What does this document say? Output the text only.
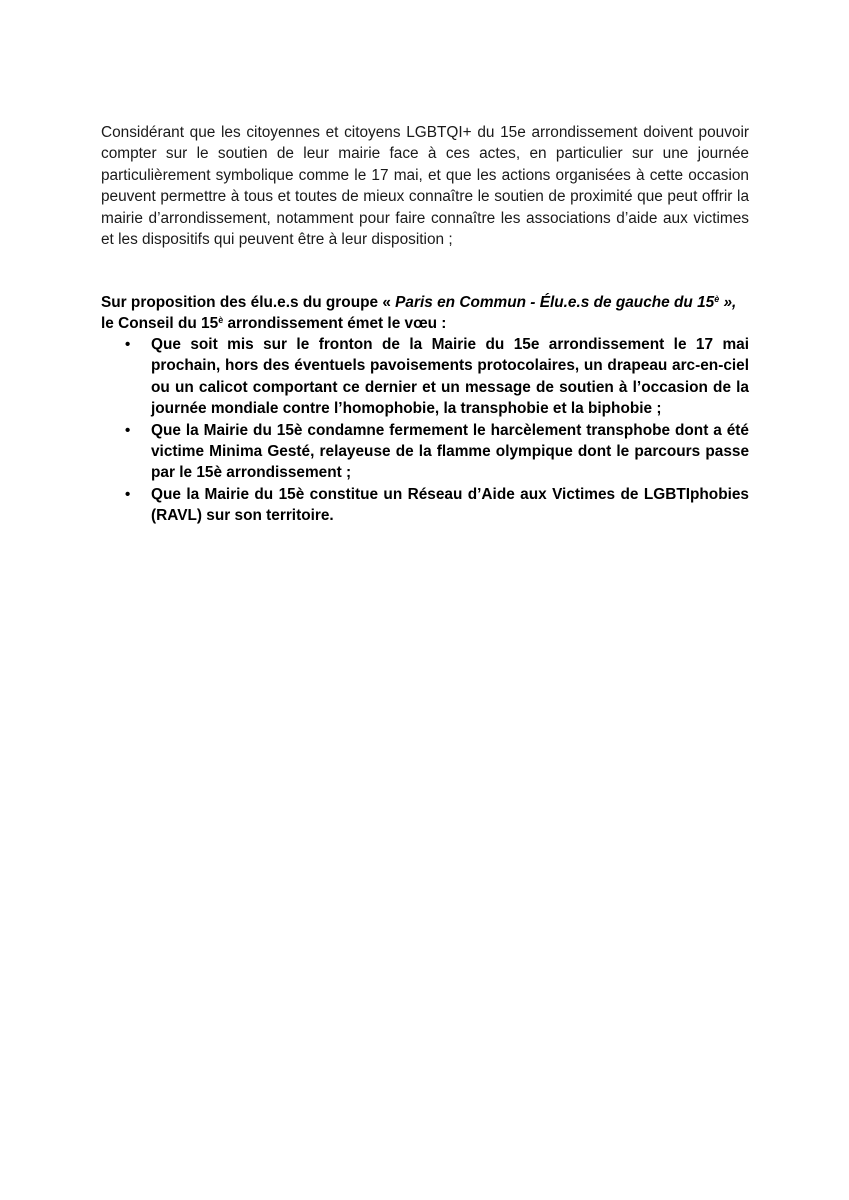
Considérant que les citoyennes et citoyens LGBTQI+ du 15e arrondissement doivent pouvoir compter sur le soutien de leur mairie face à ces actes, en particulier sur une journée particulièrement symbolique comme le 17 mai, et que les actions organisées à cette occasion peuvent permettre à tous et toutes de mieux connaître le soutien de proximité que peut offrir la mairie d’arrondissement, notamment pour faire connaître les associations d’aide aux victimes et les dispositifs qui peuvent être à leur disposition ;

Sur proposition des élu.e.s du groupe « Paris en Commun - Élu.e.s de gauche du $15^è$ »,
le Conseil du $15^è$ arrondissement émet le vœu :

• Que soit mis sur le fronton de la Mairie du 15e arrondissement le 17 mai prochain, hors des éventuels pavoisements protocolaires, un drapeau arc-en-ciel ou un calicot comportant ce dernier et un message de soutien à l’occasion de la journée mondiale contre l’homophobie, la transphobie et la biphobie ;
• Que la Mairie du 15è condamne fermement le harcèlement transphobe dont a été victime Minima Gesté, relayeuse de la flamme olympique dont le parcours passe par le 15è arrondissement ;
• Que la Mairie du 15è constitue un Réseau d’Aide aux Victimes de LGBTIphobies (RAVL) sur son territoire.
